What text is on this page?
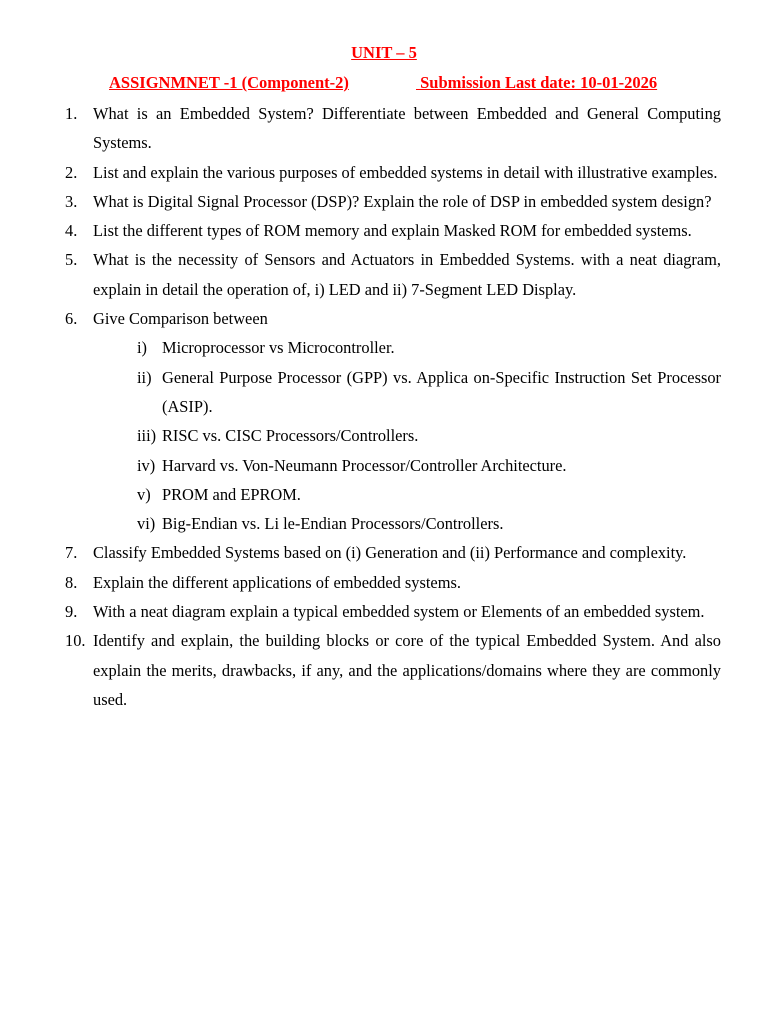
UNIT – 5
ASSIGNMNET -1 (Component-2)	Submission Last date: 10-01-2026
1. What is an Embedded System? Differentiate between Embedded and General Computing Systems.
2. List and explain the various purposes of embedded systems in detail with illustrative examples.
3. What is Digital Signal Processor (DSP)? Explain the role of DSP in embedded system design?
4. List the different types of ROM memory and explain Masked ROM for embedded systems.
5. What is the necessity of Sensors and Actuators in Embedded Systems. with a neat diagram, explain in detail the operation of, i) LED and ii) 7-Segment LED Display.
6. Give Comparison between
i) Microprocessor vs Microcontroller.
ii) General Purpose Processor (GPP) vs. Applica on-Specific Instruction Set Processor (ASIP).
iii) RISC vs. CISC Processors/Controllers.
iv) Harvard vs. Von-Neumann Processor/Controller Architecture.
v) PROM and EPROM.
vi) Big-Endian vs. Li le-Endian Processors/Controllers.
7. Classify Embedded Systems based on (i) Generation and (ii) Performance and complexity.
8. Explain the different applications of embedded systems.
9. With a neat diagram explain a typical embedded system or Elements of an embedded system.
10. Identify and explain, the building blocks or core of the typical Embedded System. And also explain the merits, drawbacks, if any, and the applications/domains where they are commonly used.
